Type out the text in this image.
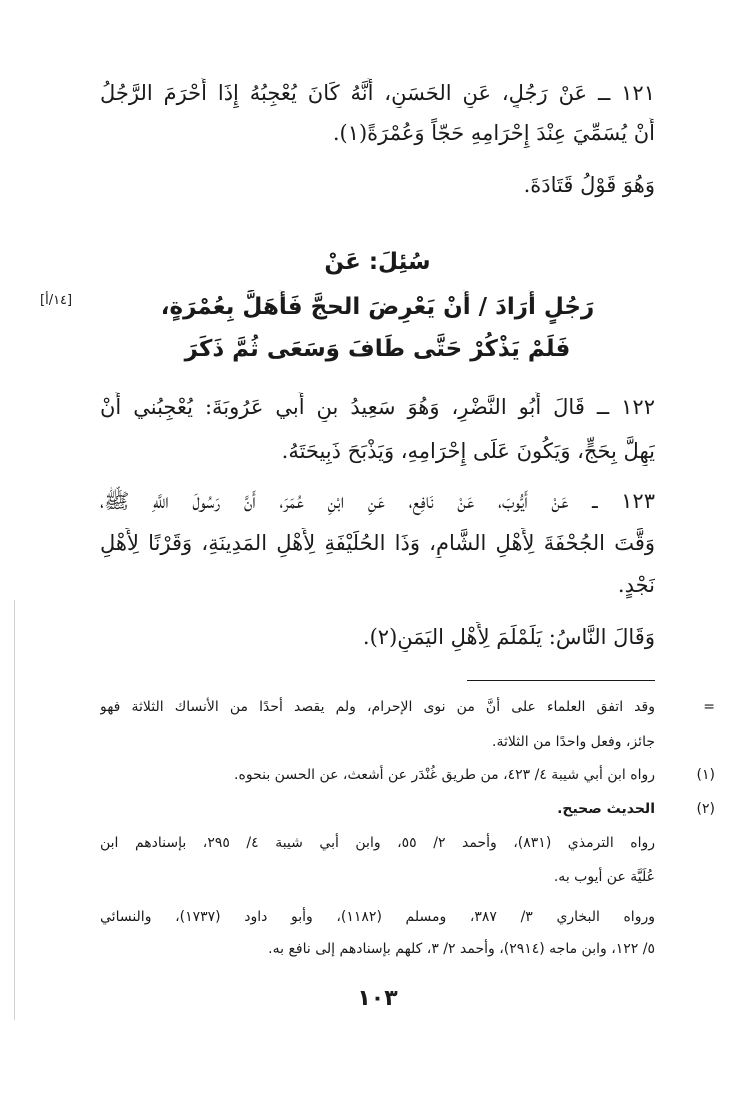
١٢١ ــ عَنْ رَجُلٍ، عَنِ الحَسَنِ، أَنَّهُ كَانَ يُعْجِبُهُ إِذَا أَحْرَمَ الرَّجُلُ
أَنْ يُسَمِّيَ عِنْدَ إِحْرَامِهِ حَجّاً وَعُمْرَةً(١).
وَهُوَ قَوْلُ قَتَادَةَ.
سُئِلَ: عَنْ
رَجُلٍ أَرَادَ / أَنْ يَعْرِضَ الحجَّ فَأَهَلَّ بِعُمْرَةٍ،
فَلَمْ يَذْكُرْ حَتَّى طَافَ وَسَعَى ثُمَّ ذَكَرَ
[١٤/أ]
١٢٢ ــ قَالَ أَبُو النَّضْرِ، وَهُوَ سَعِيدُ بنِ أَبي عَرُوبَةَ: يُعْجِبُني أَنْ
يَهِلَّ بِحَجٍّ، وَيَكُونَ عَلَى إِحْرَامِهِ، وَيَذْبَحَ ذَبِيحَتَهُ.
١٢٣ ــ عَنْ أَيُّوبَ، عَنْ نَافِعٍ، عَنِ ابْنِ عُمَرَ، أَنَّ رَسُولَ اللَّهِ ﷺ،
وَقَّتَ الجُحْفَةَ لِأَهْلِ الشَّامِ، وَذَا الحُلَيْفَةِ لِأَهْلِ المَدِينَةِ، وَقَرْنًا لِأَهْلِ
نَجْدٍ.
وَقَالَ النَّاسُ: يَلَمْلَمَ لِأَهْلِ اليَمَنِ(٢).
=
وقد اتفق العلماء على أنَّ من نوى الإحرام، ولم يقصد أحدًا من الأنساك الثلاثة فهو
جائز، وفعل واحدًا من الثلاثة.
(١)
رواه ابن أبي شيبة ٤/ ٤٢٣، من طريق غُنْدَر عن أشعث، عن الحسن بنحوه.
(٢)
الحديث صحيح.
رواه الترمذي (٨٣١)، وأحمد ٢/ ٥٥، وابن أبي شيبة ٤/ ٢٩٥، بإسنادهم ابن
عُلَيَّة عن أيوب به.
ورواه البخاري ٣/ ٣٨٧، ومسلم (١١٨٢)، وأبو داود (١٧٣٧)، والنسائي
٥/ ١٢٢، وابن ماجه (٢٩١٤)، وأحمد ٢/ ٣، كلهم بإسنادهم إلى نافع به.
١٠٣
